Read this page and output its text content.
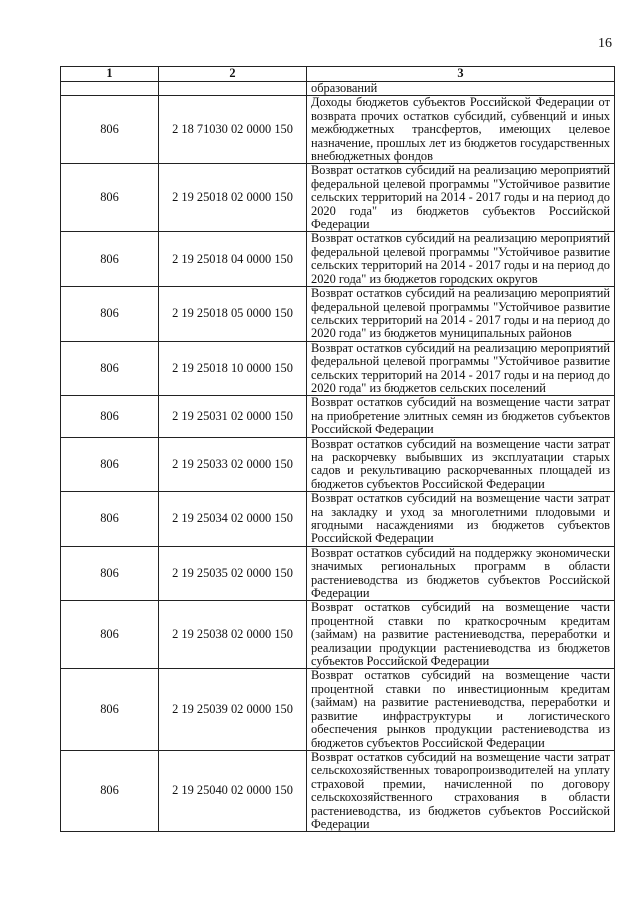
16
1	2	3
		образований
806	2 18 71030 02 0000 150	Доходы бюджетов субъектов Российской Федерации от возврата прочих остатков субсидий, субвенций и иных межбюджетных трансфертов, имеющих целевое назначение, прошлых лет из бюджетов государственных внебюджетных фондов
806	2 19 25018 02 0000 150	Возврат остатков субсидий на реализацию мероприятий федеральной целевой программы "Устойчивое развитие сельских территорий на 2014 - 2017 годы и на период до 2020 года" из бюджетов субъектов Российской Федерации
806	2 19 25018 04 0000 150	Возврат остатков субсидий на реализацию мероприятий федеральной целевой программы "Устойчивое развитие сельских территорий на 2014 - 2017 годы и на период до 2020 года" из бюджетов городских округов
806	2 19 25018 05 0000 150	Возврат остатков субсидий на реализацию мероприятий федеральной целевой программы "Устойчивое развитие сельских территорий на 2014 - 2017 годы и на период до 2020 года" из бюджетов муниципальных районов
806	2 19 25018 10 0000 150	Возврат остатков субсидий на реализацию мероприятий федеральной целевой программы "Устойчивое развитие сельских территорий на 2014 - 2017 годы и на период до 2020 года" из бюджетов сельских поселений
806	2 19 25031 02 0000 150	Возврат остатков субсидий на возмещение части затрат на приобретение элитных семян из бюджетов субъектов Российской Федерации
806	2 19 25033 02 0000 150	Возврат остатков субсидий на возмещение части затрат на раскорчевку выбывших из эксплуатации старых садов и рекультивацию раскорчеванных площадей из бюджетов субъектов Российской Федерации
806	2 19 25034 02 0000 150	Возврат остатков субсидий на возмещение части затрат на закладку и уход за многолетними плодовыми и ягодными насаждениями из бюджетов субъектов Российской Федерации
806	2 19 25035 02 0000 150	Возврат остатков субсидий на поддержку экономически значимых региональных программ в области растениеводства из бюджетов субъектов Российской Федерации
806	2 19 25038 02 0000 150	Возврат остатков субсидий на возмещение части процентной ставки по краткосрочным кредитам (займам) на развитие растениеводства, переработки и реализации продукции растениеводства из бюджетов субъектов Российской Федерации
806	2 19 25039 02 0000 150	Возврат остатков субсидий на возмещение части процентной ставки по инвестиционным кредитам (займам) на развитие растениеводства, переработки и развитие инфраструктуры и логистического обеспечения рынков продукции растениеводства из бюджетов субъектов Российской Федерации
806	2 19 25040 02 0000 150	Возврат остатков субсидий на возмещение части затрат сельскохозяйственных товаропроизводителей на уплату страховой премии, начисленной по договору сельскохозяйственного страхования в области растениеводства, из бюджетов субъектов Российской Федерации
